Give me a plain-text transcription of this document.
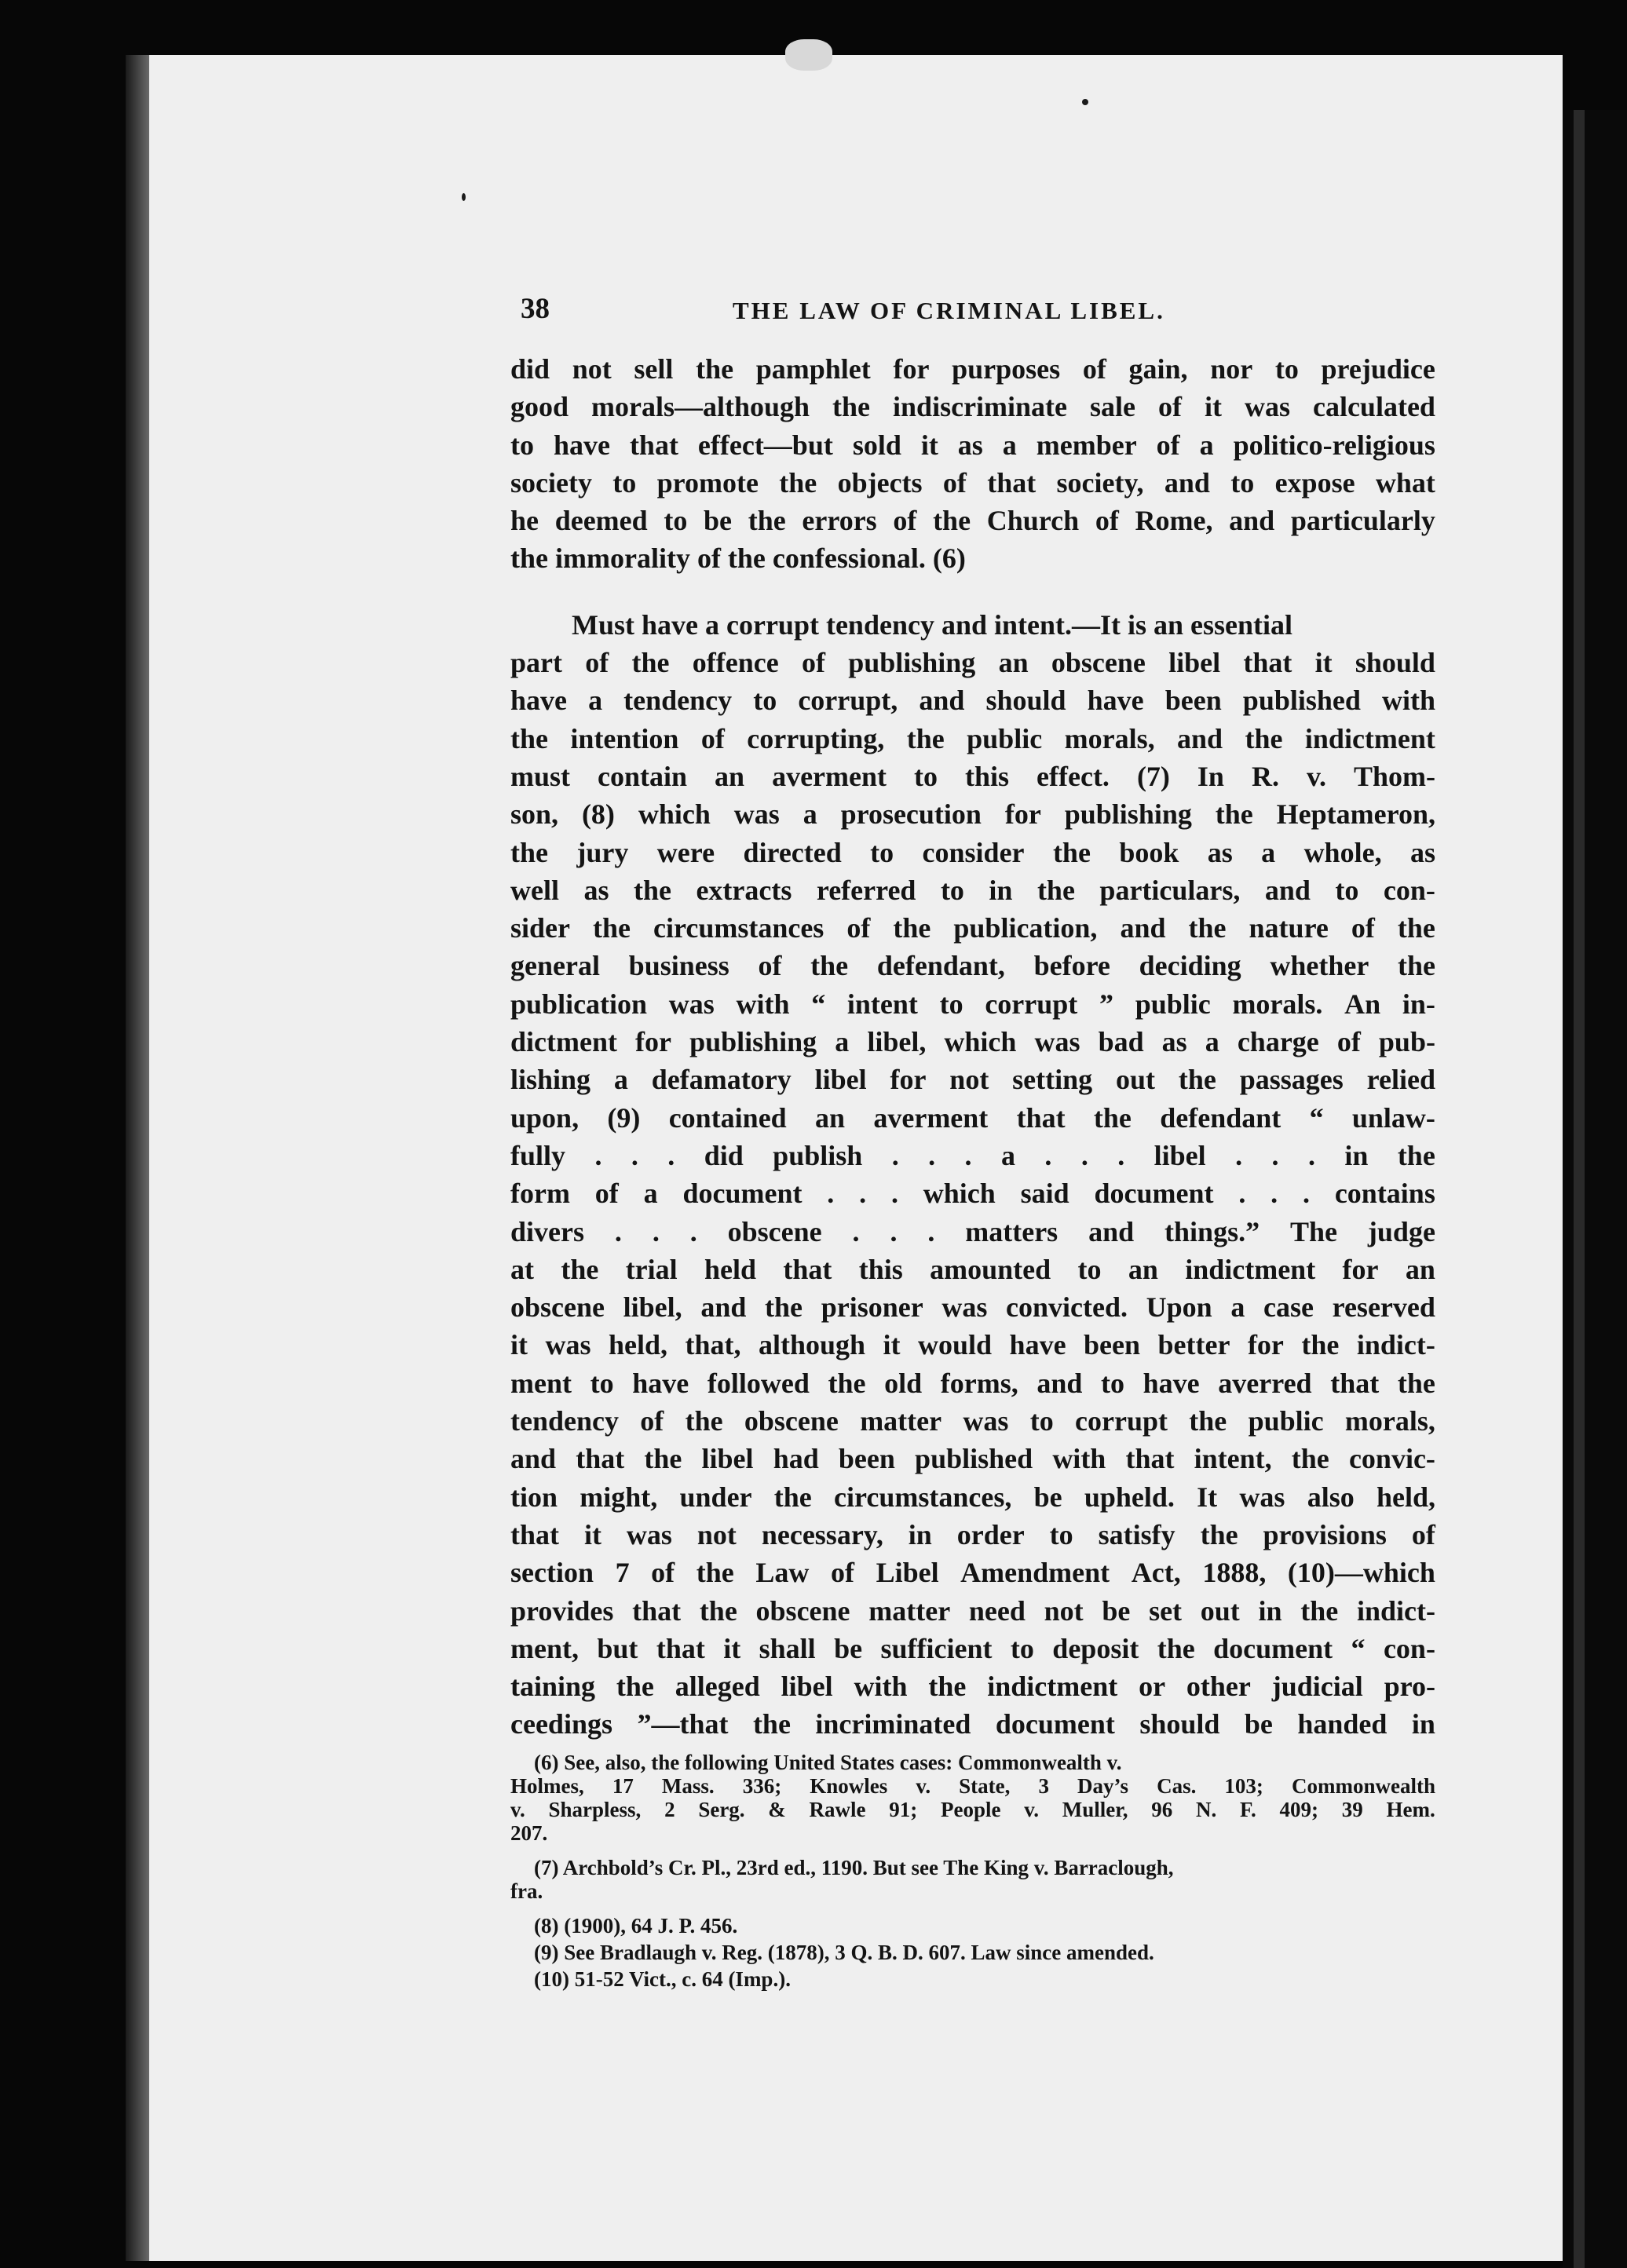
38	THE LAW OF CRIMINAL LIBEL.
did not sell the pamphlet for purposes of gain, nor to prejudice
good morals—although the indiscriminate sale of it was calculated
to have that effect—but sold it as a member of a politico-religious
society to promote the objects of that society, and to expose what
he deemed to be the errors of the Church of Rome, and particularly
the immorality of the confessional. (6)
Must have a corrupt tendency and intent.—It is an essential
part of the offence of publishing an obscene libel that it should
have a tendency to corrupt, and should have been published with
the intention of corrupting, the public morals, and the indictment
must contain an averment to this effect. (7) In R. v. Thom-
son, (8) which was a prosecution for publishing the Heptameron,
the jury were directed to consider the book as a whole, as
well as the extracts referred to in the particulars, and to con-
sider the circumstances of the publication, and the nature of the
general business of the defendant, before deciding whether the
publication was with “ intent to corrupt ” public morals. An in-
dictment for publishing a libel, which was bad as a charge of pub-
lishing a defamatory libel for not setting out the passages relied
upon, (9) contained an averment that the defendant “ unlaw-
fully . . . did publish . . . a . . . libel . . . in the
form of a document . . . which said document . . . contains
divers . . . obscene . . . matters and things.” The judge
at the trial held that this amounted to an indictment for an
obscene libel, and the prisoner was convicted. Upon a case reserved
it was held, that, although it would have been better for the indict-
ment to have followed the old forms, and to have averred that the
tendency of the obscene matter was to corrupt the public morals,
and that the libel had been published with that intent, the convic-
tion might, under the circumstances, be upheld. It was also held,
that it was not necessary, in order to satisfy the provisions of
section 7 of the Law of Libel Amendment Act, 1888, (10)—which
provides that the obscene matter need not be set out in the indict-
ment, but that it shall be sufficient to deposit the document “ con-
taining the alleged libel with the indictment or other judicial pro-
ceedings ”—that the incriminated document should be handed in
(6) See, also, the following United States cases: Commonwealth v.
Holmes, 17 Mass. 336; Knowles v. State, 3 Day’s Cas. 103; Commonwealth
v. Sharpless, 2 Serg. & Rawle 91; People v. Muller, 96 N. F. 409; 39 Hem.
207.
(7) Archbold’s Cr. Pl., 23rd ed., 1190. But see The King v. Barraclough,
fra.
(8) (1900), 64 J. P. 456.
(9) See Bradlaugh v. Reg. (1878), 3 Q. B. D. 607. Law since amended.
(10) 51-52 Vict., c. 64 (Imp.).
